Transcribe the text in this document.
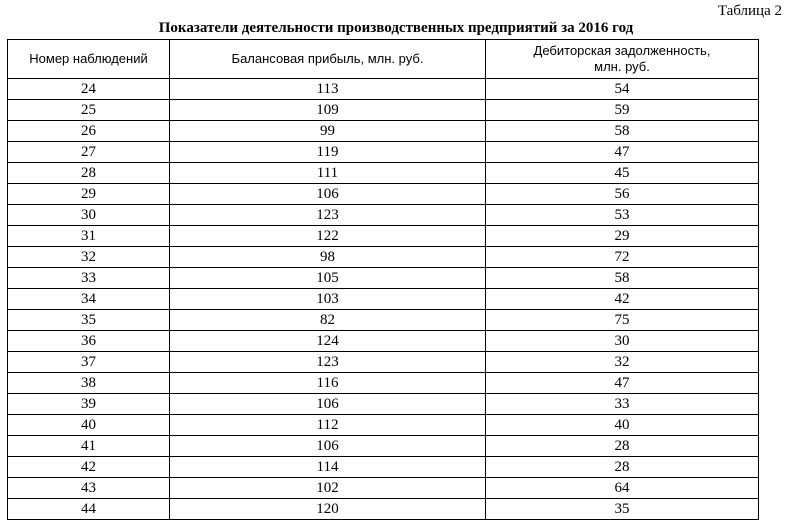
Таблица 2
Показатели деятельности производственных предприятий за 2016 год
Номер наблюдений	Балансовая прибыль, млн. руб.	Дебиторская задолженность, млн. руб.
24	113	54
25	109	59
26	99	58
27	119	47
28	111	45
29	106	56
30	123	53
31	122	29
32	98	72
33	105	58
34	103	42
35	82	75
36	124	30
37	123	32
38	116	47
39	106	33
40	112	40
41	106	28
42	114	28
43	102	64
44	120	35
